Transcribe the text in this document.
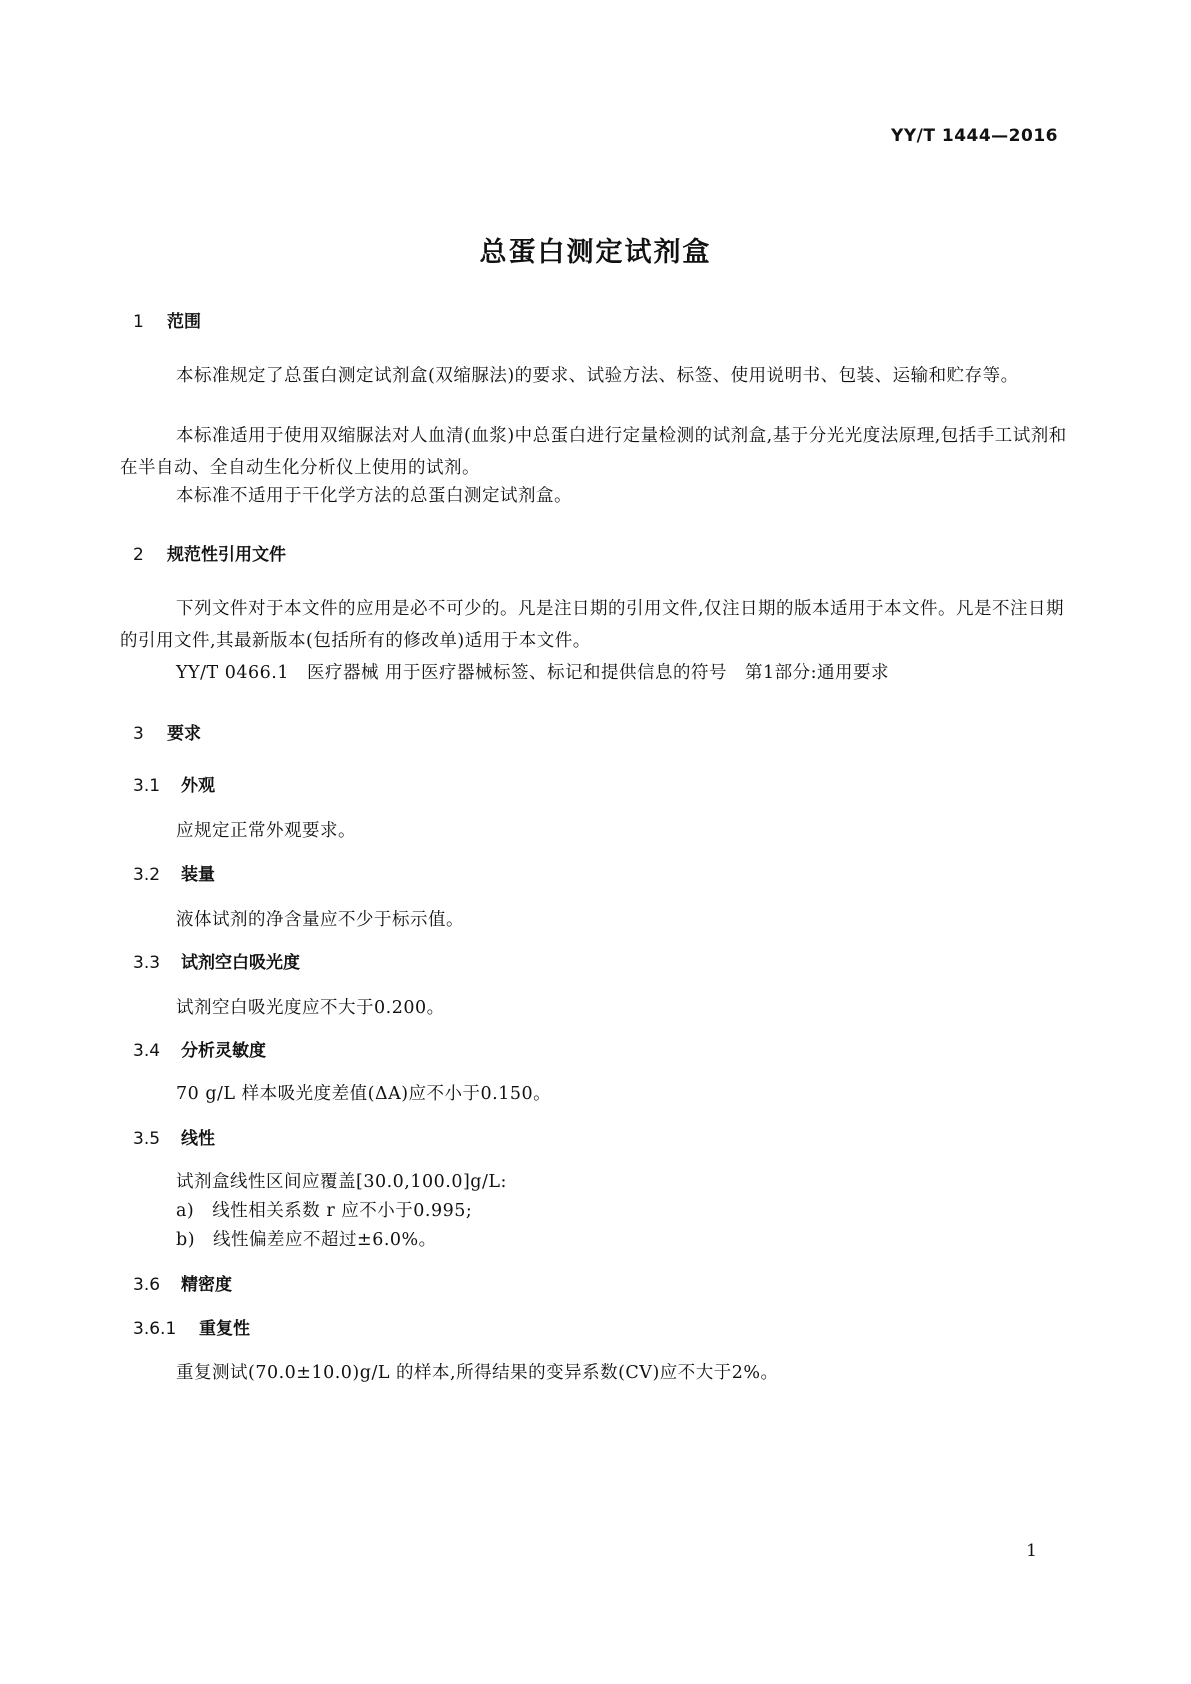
YY/T 1444—2016
总蛋白测定试剂盒
1 范围
本标准规定了总蛋白测定试剂盒(双缩脲法)的要求、试验方法、标签、使用说明书、包装、运输和贮存等。
本标准适用于使用双缩脲法对人血清(血浆)中总蛋白进行定量检测的试剂盒,基于分光光度法原理,包括手工试剂和在半自动、全自动生化分析仪上使用的试剂。
本标准不适用于干化学方法的总蛋白测定试剂盒。
2 规范性引用文件
下列文件对于本文件的应用是必不可少的。凡是注日期的引用文件,仅注日期的版本适用于本文件。凡是不注日期的引用文件,其最新版本(包括所有的修改单)适用于本文件。
YY/T 0466.1　医疗器械 用于医疗器械标签、标记和提供信息的符号　第1部分:通用要求
3 要求
3.1 外观
应规定正常外观要求。
3.2 装量
液体试剂的净含量应不少于标示值。
3.3 试剂空白吸光度
试剂空白吸光度应不大于0.200。
3.4 分析灵敏度
70 g/L 样本吸光度差值(ΔA)应不小于0.150。
3.5 线性
试剂盒线性区间应覆盖[30.0,100.0]g/L:
a)　线性相关系数 r 应不小于0.995;
b)　线性偏差应不超过±6.0%。
3.6 精密度
3.6.1 重复性
重复测试(70.0±10.0)g/L 的样本,所得结果的变异系数(CV)应不大于2%。
1
